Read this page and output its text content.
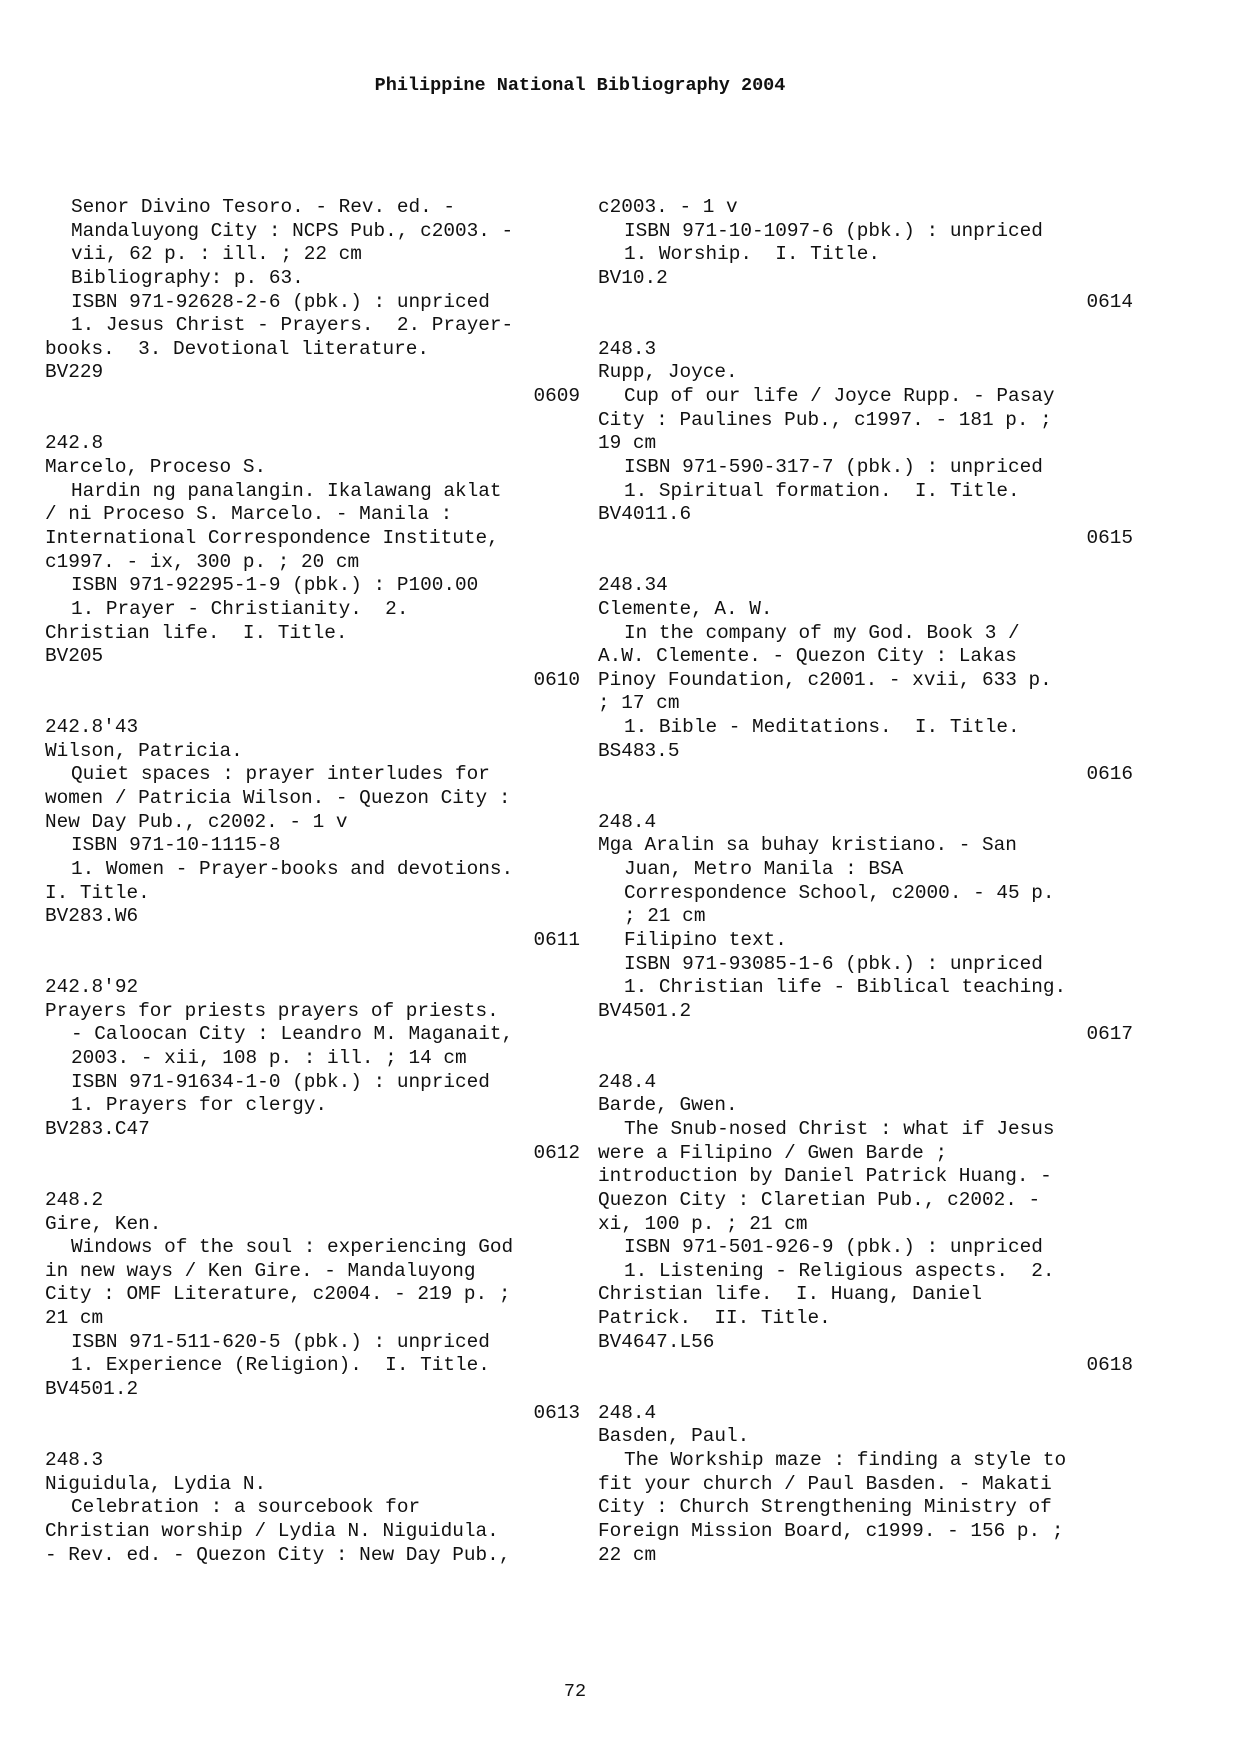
Philippine National Bibliography 2004
Senor Divino Tesoro. - Rev. ed. -
Mandaluyong City : NCPS Pub., c2003. -
vii, 62 p. : ill. ; 22 cm
Bibliography: p. 63.
ISBN 971-92628-2-6 (pbk.) : unpriced
1. Jesus Christ - Prayers.  2. Prayer-
books.  3. Devotional literature.
BV229
0609
242.8
Marcelo, Proceso S.
Hardin ng panalangin. Ikalawang aklat
/ ni Proceso S. Marcelo. - Manila :
International Correspondence Institute,
c1997. - ix, 300 p. ; 20 cm
ISBN 971-92295-1-9 (pbk.) : P100.00
1. Prayer - Christianity.  2.
Christian life.  I. Title.
BV205
0610
242.8'43
Wilson, Patricia.
Quiet spaces : prayer interludes for
women / Patricia Wilson. - Quezon City :
New Day Pub., c2002. - 1 v
ISBN 971-10-1115-8
1. Women - Prayer-books and devotions.
I. Title.
BV283.W6
0611
242.8'92
Prayers for priests prayers of priests.
- Caloocan City : Leandro M. Maganait,
2003. - xii, 108 p. : ill. ; 14 cm
ISBN 971-91634-1-0 (pbk.) : unpriced
1. Prayers for clergy.
BV283.C47
0612
248.2
Gire, Ken.
Windows of the soul : experiencing God
in new ways / Ken Gire. - Mandaluyong
City : OMF Literature, c2004. - 219 p. ;
21 cm
ISBN 971-511-620-5 (pbk.) : unpriced
1. Experience (Religion).  I. Title.
BV4501.2
0613
248.3
Niguidula, Lydia N.
Celebration : a sourcebook for
Christian worship / Lydia N. Niguidula.
- Rev. ed. - Quezon City : New Day Pub.,
c2003. - 1 v
ISBN 971-10-1097-6 (pbk.) : unpriced
1. Worship.  I. Title.
BV10.2
0614
248.3
Rupp, Joyce.
Cup of our life / Joyce Rupp. - Pasay
City : Paulines Pub., c1997. - 181 p. ;
19 cm
ISBN 971-590-317-7 (pbk.) : unpriced
1. Spiritual formation.  I. Title.
BV4011.6
0615
248.34
Clemente, A. W.
In the company of my God. Book 3 /
A.W. Clemente. - Quezon City : Lakas
Pinoy Foundation, c2001. - xvii, 633 p.
; 17 cm
1. Bible - Meditations.  I. Title.
BS483.5
0616
248.4
Mga Aralin sa buhay kristiano. - San
Juan, Metro Manila : BSA
Correspondence School, c2000. - 45 p.
; 21 cm
Filipino text.
ISBN 971-93085-1-6 (pbk.) : unpriced
1. Christian life - Biblical teaching.
BV4501.2
0617
248.4
Barde, Gwen.
The Snub-nosed Christ : what if Jesus
were a Filipino / Gwen Barde ;
introduction by Daniel Patrick Huang. -
Quezon City : Claretian Pub., c2002. -
xi, 100 p. ; 21 cm
ISBN 971-501-926-9 (pbk.) : unpriced
1. Listening - Religious aspects.  2.
Christian life.  I. Huang, Daniel
Patrick.  II. Title.
BV4647.L56
0618
248.4
Basden, Paul.
The Workship maze : finding a style to
fit your church / Paul Basden. - Makati
City : Church Strengthening Ministry of
Foreign Mission Board, c1999. - 156 p. ;
22 cm
72
